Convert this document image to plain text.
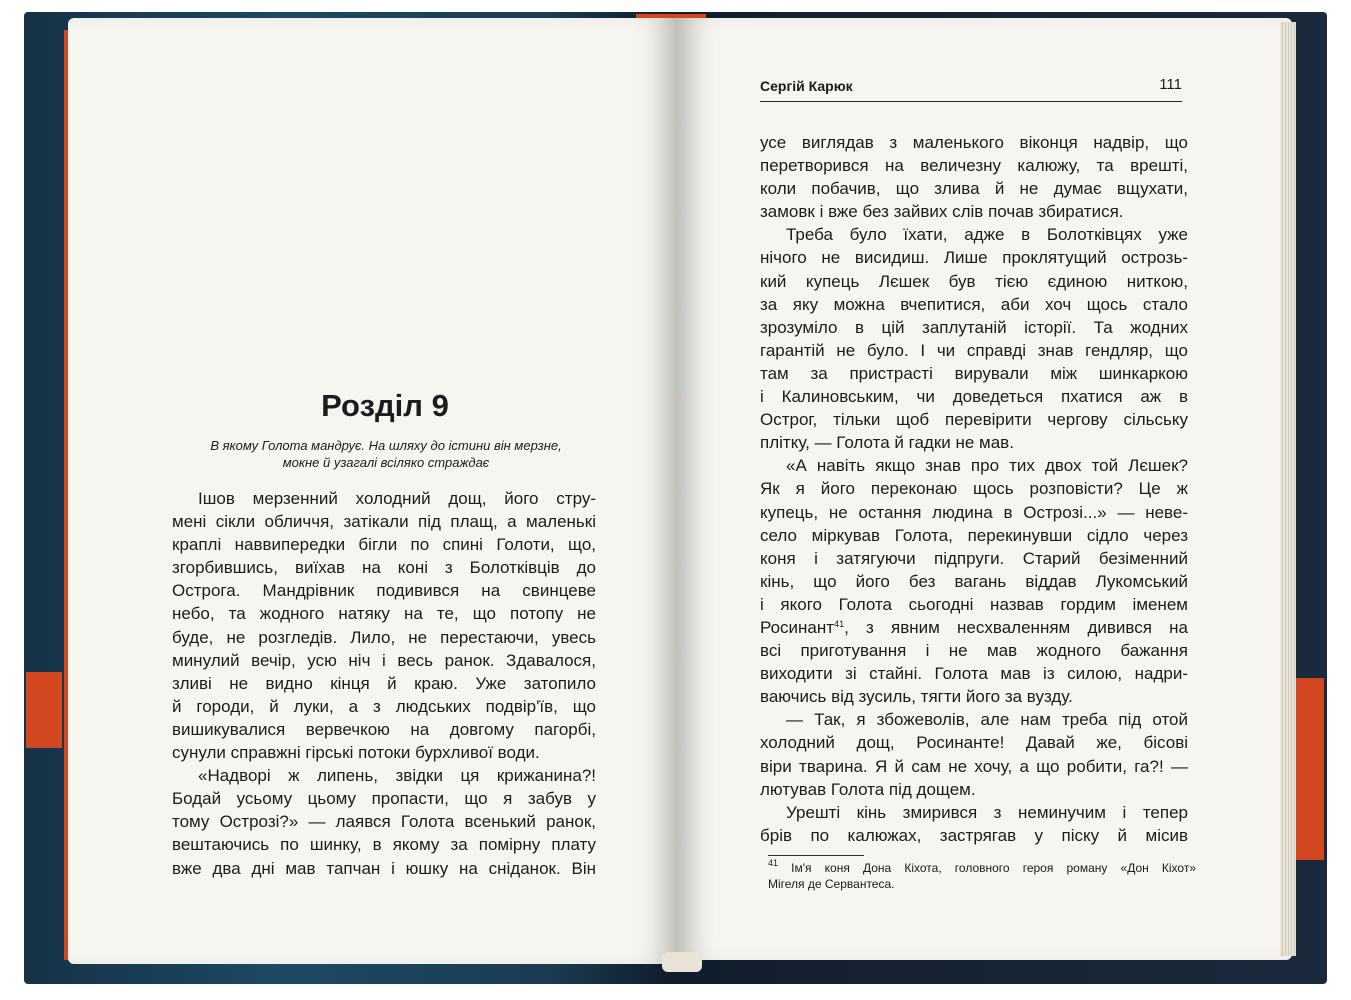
Розділ 9
В якому Голота мандрує. На шляху до істини він мерзне,
мокне й узагалі всіляко страждає
Ішов мерзенний холодний дощ, його стру-
мені сікли обличчя, затікали під плащ, а маленькі
краплі наввипередки бігли по спині Голоти, що,
згорбившись, виїхав на коні з Болотківців до
Острога. Мандрівник подивився на свинцеве
небо, та жодного натяку на те, що потопу не
буде, не розгледів. Лило, не перестаючи, увесь
минулий вечір, усю ніч і весь ранок. Здавалося,
зливі не видно кінця й краю. Уже затопило
й городи, й луки, а з людських подвір'їв, що
вишикувалися вервечкою на довгому пагорбі,
сунули справжні гірські потоки бурхливої води.
«Надворі ж липень, звідки ця крижанина?!
Бодай усьому цьому пропасти, що я забув у
тому Острозі?» — лаявся Голота всенький ранок,
вештаючись по шинку, в якому за помірну плату
вже два дні мав тапчан і юшку на сніданок. Він
Сергій Карюк	111
усе виглядав з маленького віконця надвір, що
перетворився на величезну калюжу, та врешті,
коли побачив, що злива й не думає вщухати,
замовк і вже без зайвих слів почав збиратися.
Треба було їхати, адже в Болотківцях уже
нічого не висидиш. Лише проклятущий острозь-
кий купець Лєшек був тією єдиною ниткою,
за яку можна вчепитися, аби хоч щось стало
зрозуміло в цій заплутаній історії. Та жодних
гарантій не було. І чи справді знав гендляр, що
там за пристрасті вирували між шинкаркою
і Калиновським, чи доведеться пхатися аж в
Острог, тільки щоб перевірити чергову сільську
плітку, — Голота й гадки не мав.
«А навіть якщо знав про тих двох той Лєшек?
Як я його переконаю щось розповісти? Це ж
купець, не остання людина в Острозі...» — неве-
село міркував Голота, перекинувши сідло через
коня і затягуючи підпруги. Старий безіменний
кінь, що його без вагань віддав Лукомський
і якого Голота сьогодні назвав гордим іменем
Росинант$^{41}$, з явним несхваленням дивився на
всі приготування і не мав жодного бажання
виходити зі стайні. Голота мав із силою, надри-
ваючись від зусиль, тягти його за вузду.
— Так, я збожеволів, але нам треба під отой
холодний дощ, Росинанте! Давай же, бісові
віри тварина. Я й сам не хочу, а що робити, га?! —
лютував Голота під дощем.
Урешті кінь змирився з неминучим і тепер
брів по калюжах, застрягав у піску й місив
$^{41}$ Ім'я коня Дона Кіхота, головного героя роману «Дон Кіхот»
Мігеля де Сервантеса.
